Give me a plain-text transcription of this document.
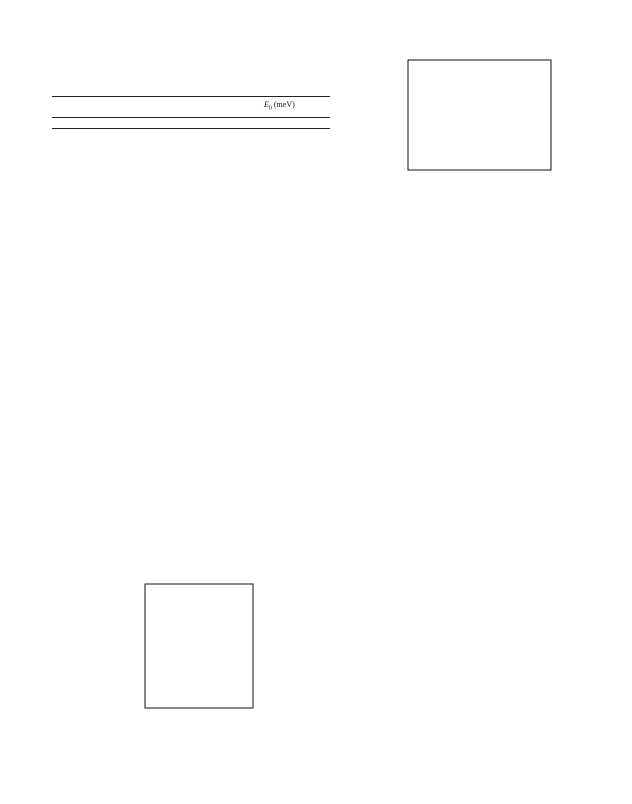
		$E_0$ (meV)
